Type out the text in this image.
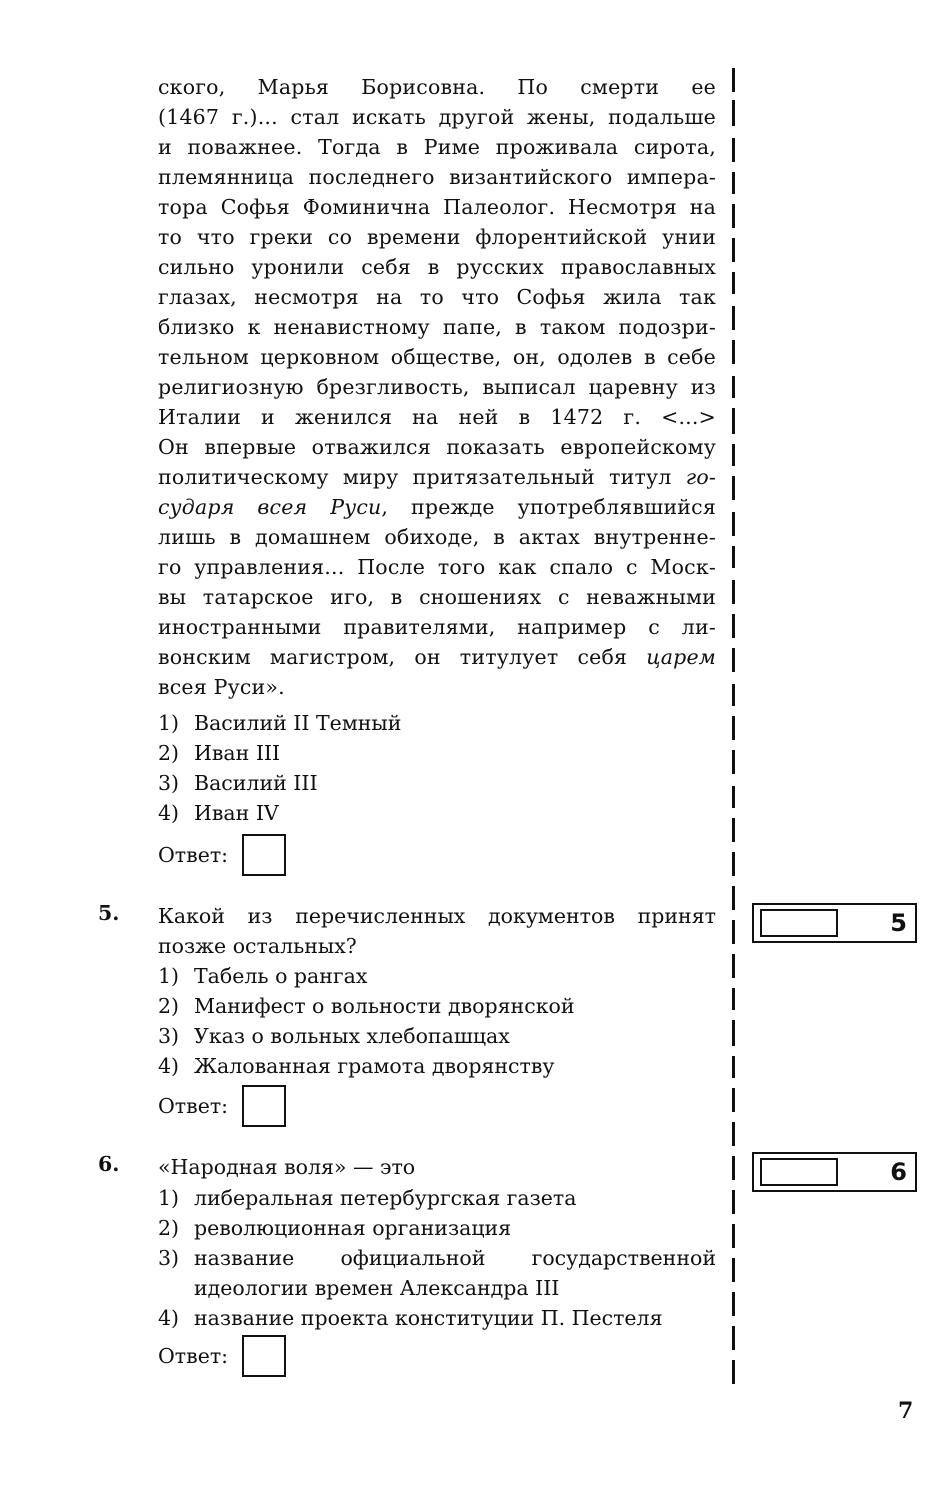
ского, Марья Борисовна. По смерти ее
(1467 г.)... стал искать другой жены, подальше
и поважнее. Тогда в Риме проживала сирота,
племянница последнего византийского импера-
тора Софья Фоминична Палеолог. Несмотря на
то что греки со времени флорентийской унии
сильно уронили себя в русских православных
глазах, несмотря на то что Софья жила так
близко к ненавистному папе, в таком подозри-
тельном церковном обществе, он, одолев в себе
религиозную брезгливость, выписал царевну из
Италии и женился на ней в 1472 г. <...>
Он впервые отважился показать европейскому
политическому миру притязательный титул го-
сударя всея Руси, прежде употреблявшийся
лишь в домашнем обиходе, в актах внутренне-
го управления... После того как спало с Моск-
вы татарское иго, в сношениях с неважными
иностранными правителями, например с ли-
вонским магистром, он титулует себя царем
всея Руси».
1) Василий II Темный
2) Иван III
3) Василий III
4) Иван IV
Ответ:
5. Какой из перечисленных документов принят
позже остальных?
1) Табель о рангах
2) Манифест о вольности дворянской
3) Указ о вольных хлебопашцах
4) Жалованная грамота дворянству
Ответ:
5
6. «Народная воля» — это
1) либеральная петербургская газета
2) революционная организация
3) название официальной государственной
идеологии времен Александра III
4) название проекта конституции П. Пестеля
Ответ:
6
7
